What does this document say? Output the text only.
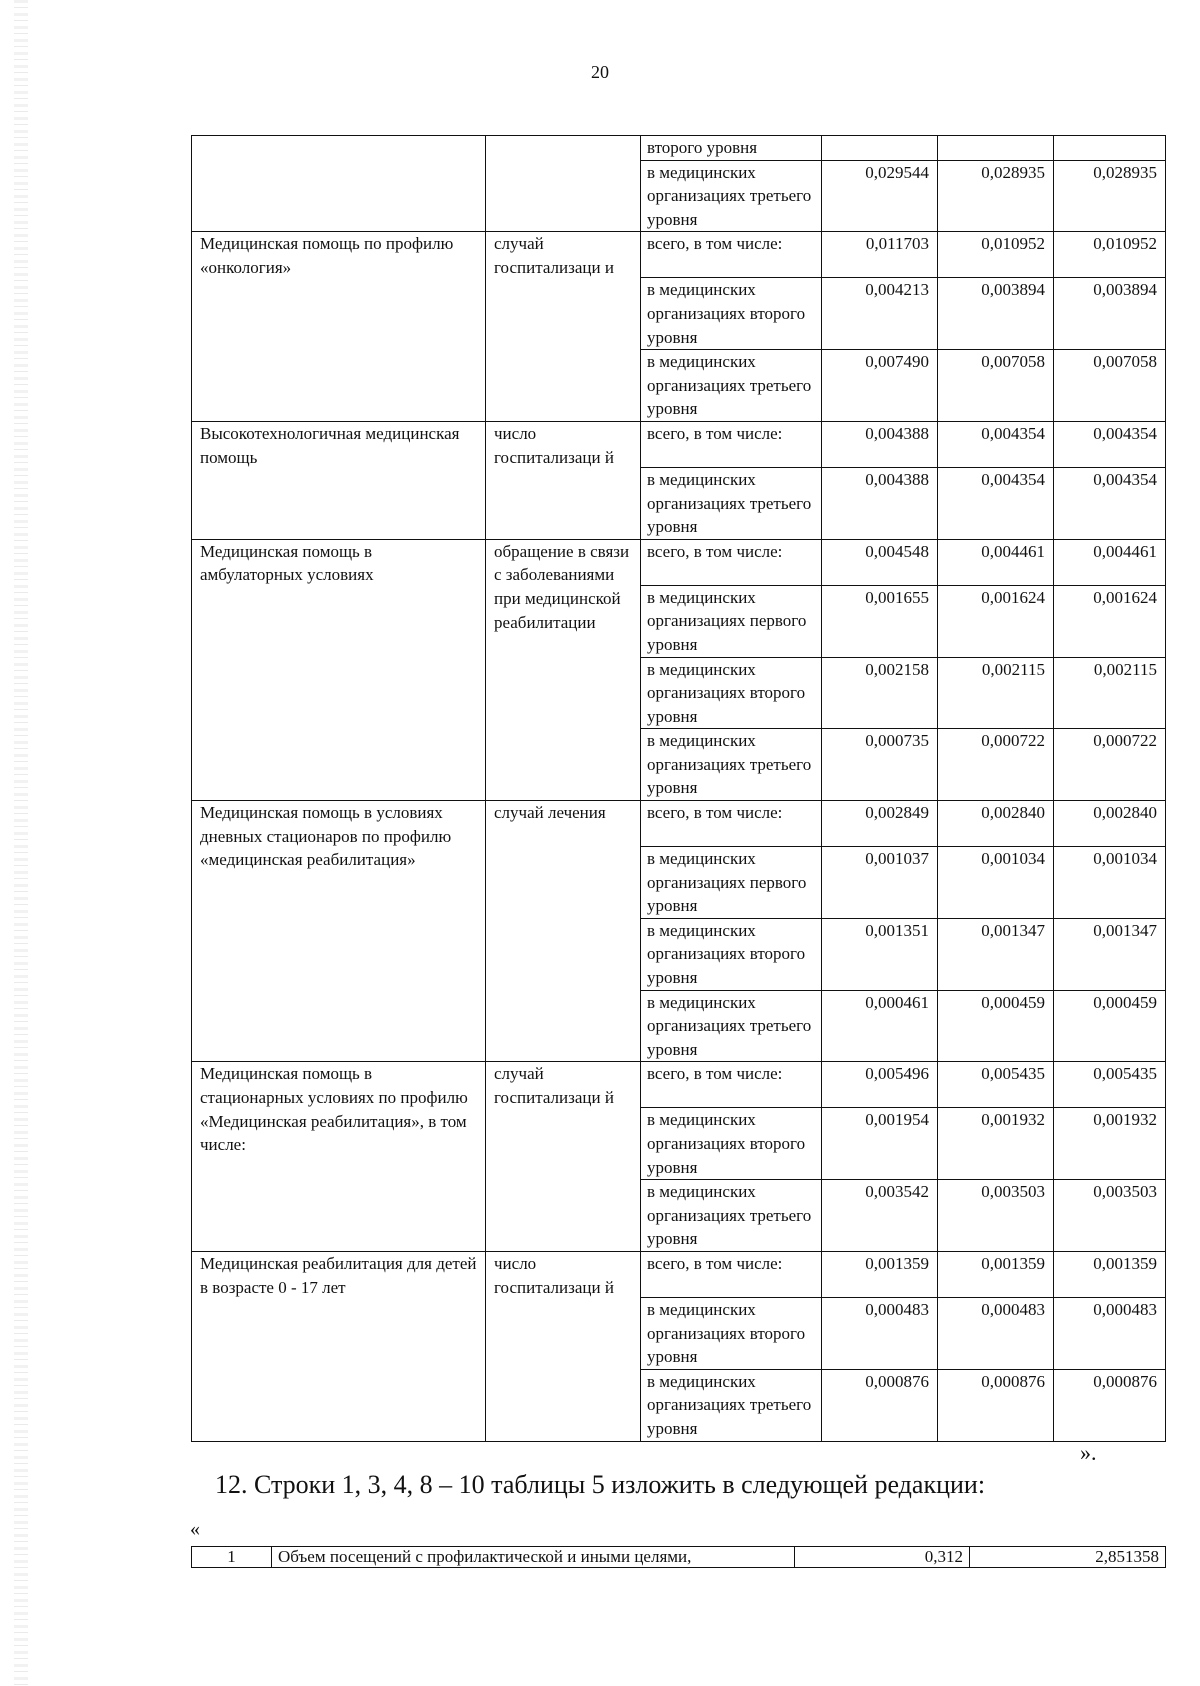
20
		второго уровня			
		в медицинских организациях третьего уровня	0,029544	0,028935	0,028935
Медицинская помощь по профилю «онкология»	случай госпитализаци и	всего, в том числе:	0,011703	0,010952	0,010952
		в медицинских организациях второго уровня	0,004213	0,003894	0,003894
		в медицинских организациях третьего уровня	0,007490	0,007058	0,007058
Высокотехнологичная медицинская помощь	число госпитализаци й	всего, в том числе:	0,004388	0,004354	0,004354
		в медицинских организациях третьего уровня	0,004388	0,004354	0,004354
Медицинская помощь в амбулаторных условиях	обращение в связи с заболеваниями при медицинской реабилитации	всего, в том числе:	0,004548	0,004461	0,004461
		в медицинских организациях первого уровня	0,001655	0,001624	0,001624
		в медицинских организациях второго уровня	0,002158	0,002115	0,002115
		в медицинских организациях третьего уровня	0,000735	0,000722	0,000722
Медицинская помощь в условиях дневных стационаров по профилю «медицинская реабилитация»	случай лечения	всего, в том числе:	0,002849	0,002840	0,002840
		в медицинских организациях первого уровня	0,001037	0,001034	0,001034
		в медицинских организациях второго уровня	0,001351	0,001347	0,001347
		в медицинских организациях третьего уровня	0,000461	0,000459	0,000459
Медицинская помощь в стационарных условиях по профилю «Медицинская реабилитация», в том числе:	случай госпитализаци й	всего, в том числе:	0,005496	0,005435	0,005435
		в медицинских организациях второго уровня	0,001954	0,001932	0,001932
		в медицинских организациях третьего уровня	0,003542	0,003503	0,003503
Медицинская реабилитация для детей в возрасте 0 - 17 лет	число госпитализаци й	всего, в том числе:	0,001359	0,001359	0,001359
		в медицинских организациях второго уровня	0,000483	0,000483	0,000483
		в медицинских организациях третьего уровня	0,000876	0,000876	0,000876
».
12. Строки 1, 3, 4, 8 – 10 таблицы 5 изложить в следующей редакции:
«
1	Объем посещений с профилактической и иными целями,	0,312	2,851358
